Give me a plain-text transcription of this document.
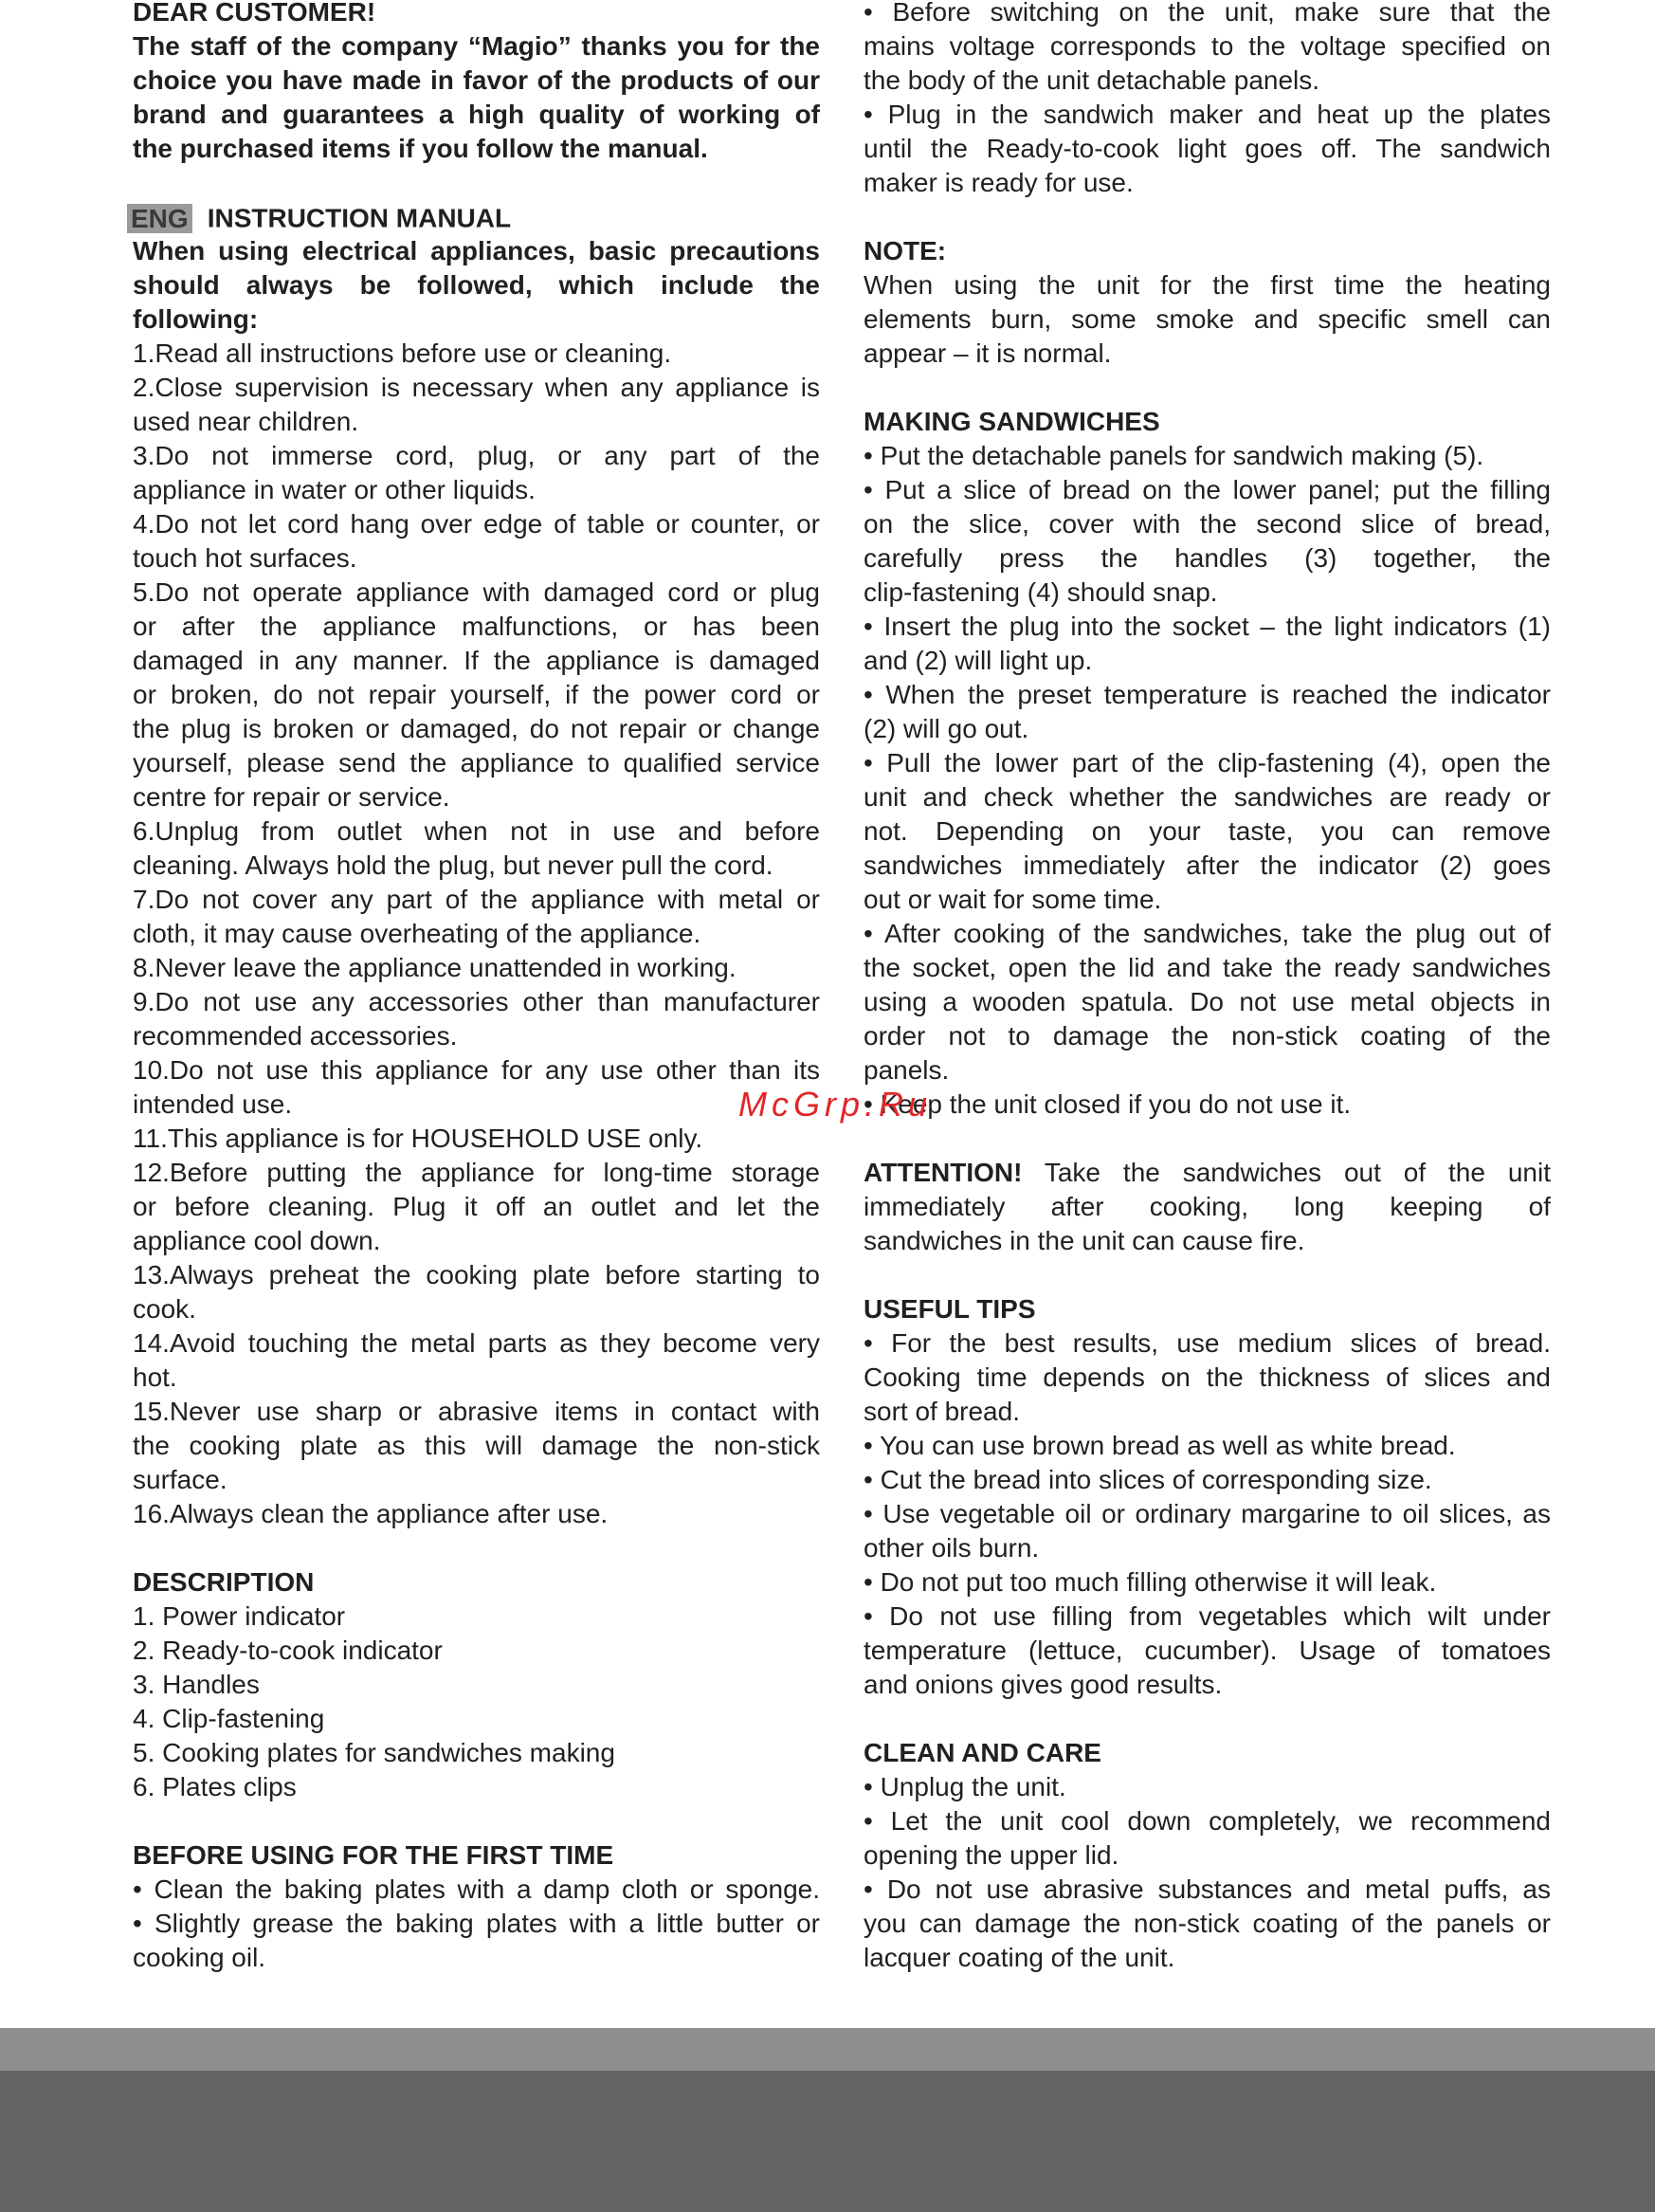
DEAR CUSTOMER!
The staff of the company “Magio” thanks you for the
choice you have made in favor of the products of our
brand and guarantees a high quality of working of
the purchased items if you follow the manual.
ENG INSTRUCTION MANUAL
When using electrical appliances, basic precautions
should always be followed, which include the
following:
1.Read all instructions before use or cleaning.
2.Close supervision is necessary when any appliance is
used near children.
3.Do not immerse cord, plug, or any part of the
appliance in water or other liquids.
4.Do not let cord hang over edge of table or counter, or
touch hot surfaces.
5.Do not operate appliance with damaged cord or plug
or after the appliance malfunctions, or has been
damaged in any manner. If the appliance is damaged
or broken, do not repair yourself, if the power cord or
the plug is broken or damaged, do not repair or change
yourself, please send the appliance to qualified service
centre for repair or service.
6.Unplug from outlet when not in use and before
cleaning. Always hold the plug, but never pull the cord.
7.Do not cover any part of the appliance with metal or
cloth, it may cause overheating of the appliance.
8.Never leave the appliance unattended in working.
9.Do not use any accessories other than manufacturer
recommended accessories.
10.Do not use this appliance for any use other than its
intended use.
11.This appliance is for HOUSEHOLD USE only.
12.Before putting the appliance for long-time storage
or before cleaning. Plug it off an outlet and let the
appliance cool down.
13.Always preheat the cooking plate before starting to
cook.
14.Avoid touching the metal parts as they become very
hot.
15.Never use sharp or abrasive items in contact with
the cooking plate as this will damage the non-stick
surface.
16.Always clean the appliance after use.
DESCRIPTION
1. Power indicator
2. Ready-to-cook indicator
3. Handles
4. Clip-fastening
5. Cooking plates for sandwiches making
6. Plates clips
BEFORE USING FOR THE FIRST TIME
• Clean the baking plates with a damp cloth or sponge.
• Slightly grease the baking plates with a little butter or
cooking oil.
• Before switching on the unit, make sure that the
mains voltage corresponds to the voltage specified on
the body of the unit detachable panels.
• Plug in the sandwich maker and heat up the plates
until the Ready-to-cook light goes off. The sandwich
maker is ready for use.
NOTE:
When using the unit for the first time the heating
elements burn, some smoke and specific smell can
appear – it is normal.
MAKING SANDWICHES
• Put the detachable panels for sandwich making (5).
• Put a slice of bread on the lower panel; put the filling
on the slice, cover with the second slice of bread,
carefully press the handles (3) together, the
clip-fastening (4) should snap.
• Insert the plug into the socket – the light indicators (1)
and (2) will light up.
• When the preset temperature is reached the indicator
(2) will go out.
• Pull the lower part of the clip-fastening (4), open the
unit and check whether the sandwiches are ready or
not. Depending on your taste, you can remove
sandwiches immediately after the indicator (2) goes
out or wait for some time.
• After cooking of the sandwiches, take the plug out of
the socket, open the lid and take the ready sandwiches
using a wooden spatula. Do not use metal objects in
order not to damage the non-stick coating of the
panels.
• Keep the unit closed if you do not use it.
ATTENTION! Take the sandwiches out of the unit
immediately after cooking, long keeping of
sandwiches in the unit can cause fire.
USEFUL TIPS
• For the best results, use medium slices of bread.
Cooking time depends on the thickness of slices and
sort of bread.
• You can use brown bread as well as white bread.
• Cut the bread into slices of corresponding size.
• Use vegetable oil or ordinary margarine to oil slices, as
other oils burn.
• Do not put too much filling otherwise it will leak.
• Do not use filling from vegetables which wilt under
temperature (lettuce, cucumber). Usage of tomatoes
and onions gives good results.
CLEAN AND CARE
• Unplug the unit.
• Let the unit cool down completely, we recommend
opening the upper lid.
• Do not use abrasive substances and metal puffs, as
you can damage the non-stick coating of the panels or
lacquer coating of the unit.
McGrp.Ru
